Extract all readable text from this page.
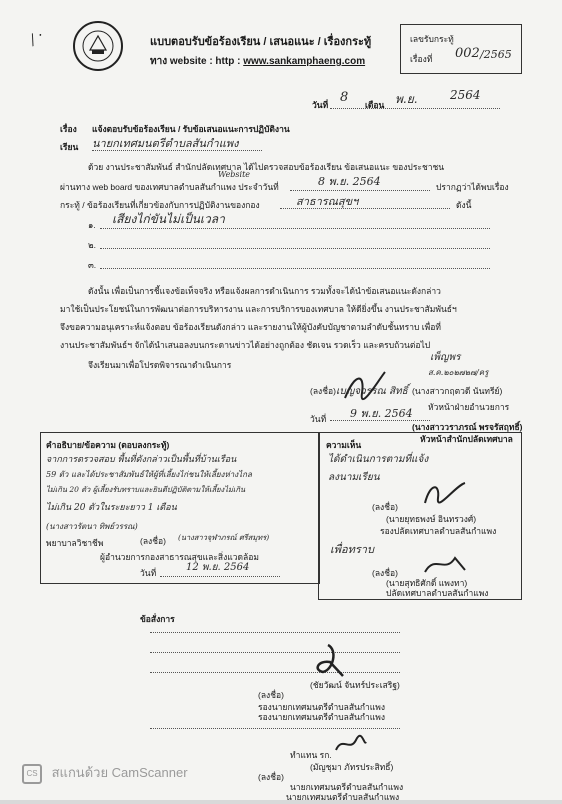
/ ·	แบบตอบรับข้อร้องเรียน / เสนอแนะ / เรื่องกระทู้
ทาง website : http : www.sankamphaeng.com
เลขรับกระทู้
เรื่องที่ 002 /2565
วันที่ 8 เดือน พ.ย.	2564
เรื่อง แจ้งตอบรับข้อร้องเรียน / รับข้อเสนอแนะการปฏิบัติงาน
เรียน นายกเทศมนตรีตำบลสันกำแพง
ด้วย งานประชาสัมพันธ์ สำนักปลัดเทศบาล ได้ไปตรวจสอบข้อร้องเรียน ข้อเสนอแนะ ของประชาชน
Website
ผ่านทาง web board ของเทศบาลตำบลสันกำแพง ประจำวันที่	8 พ.ย. 2564	ปรากฏว่าได้พบเรื่อง
กระทู้ / ข้อร้องเรียนที่เกี่ยวข้องกับการปฏิบัติงานของกอง	สาธารณสุขฯ	ดังนี้
๑. เสียงไก่ขันไม่เป็นเวลา
๒.
๓.
ดังนั้น เพื่อเป็นการชี้แจงข้อเท็จจริง หรือแจ้งผลการดำเนินการ รวมทั้งจะได้นำข้อเสนอแนะดังกล่าว
มาใช้เป็นประโยชน์ในการพัฒนาต่อการบริหารงาน และการบริการของเทศบาล ให้ดียิ่งขึ้น งานประชาสัมพันธ์ฯ
จึงขอความอนุเคราะห์แจ้งตอบ ข้อร้องเรียนดังกล่าว และรายงานให้ผู้บังคับบัญชาตามลำดับชั้นทราบ เพื่อที่
งานประชาสัมพันธ์ฯ จักได้นำเสนอลงบนกระดานข่าวได้อย่างถูกต้อง ชัดเจน รวดเร็ว และครบถ้วนต่อไป
จึงเรียนมาเพื่อโปรดพิจารณาดำเนินการ
เพ็ญพร
ส.ค.๒๐๒๗๒๗/ครู
(ลงชื่อ) เบญจวรรณ สิทธิ์ (นางสาวกฤตวดี นันทรีย์)
หัวหน้าฝ่ายอำนวยการ
วันที่ 9 พ.ย. 2564
(นางสาววราภรณ์ พรจรัสฤทธิ์)
หัวหน้าสำนักปลัดเทศบาล
คำอธิบาย/ข้อความ (ตอบลงกระทู้)
จากการตรวจสอบ พื้นที่ดังกล่าวเป็นพื้นที่บ้านเรือน
59 ตัว และได้ประชาสัมพันธ์ให้ผู้ที่เลี้ยงไก่ชนให้เลี้ยงห่างไกล
ไม่เกิน 20 ตัว ผู้เลี้ยงรับทราบและยินดีปฏิบัติตามให้เลี้ยงไม่เกิน
ไม่เกิน 20 ตัวในระยะยาว 1 เดือน
(นางสาวรัตนา ทิพย์วรรณ)
(ลงชื่อ) (นางสาวจุฬาภรณ์ ศรีสมุทร)
พยาบาลวิชาชีพ
ผู้อำนวยการกองสาธารณสุขและสิ่งแวดล้อม
วันที่	12 พ.ย. 2564
ความเห็น
ได้ดำเนินการตามที่แจ้ง
ลงนามเรียน
(ลงชื่อ)
(นายยุทธพงษ์ อินทรวงศ์)
รองปลัดเทศบาลตำบลสันกำแพง
เพื่อทราบ
(ลงชื่อ)
(นายสุทธิศักดิ์ แพงทา)
ปลัดเทศบาลตำบลสันกำแพง
ข้อสั่งการ
(ลงชื่อ)
(ชัยวัฒน์ จันทร์ประเสริฐ)
รองนายกเทศมนตรีตำบลสันกำแพง
รองนายกเทศมนตรีตำบลสันกำแพง
ทำแทน รก.
(ลงชื่อ)
(มัญชุมา ภัทรประสิทธิ์)
นายกเทศมนตรีตำบลสันกำแพง
นายกเทศมนตรีตำบลสันกำแพง
CS สแกนด้วย CamScanner
